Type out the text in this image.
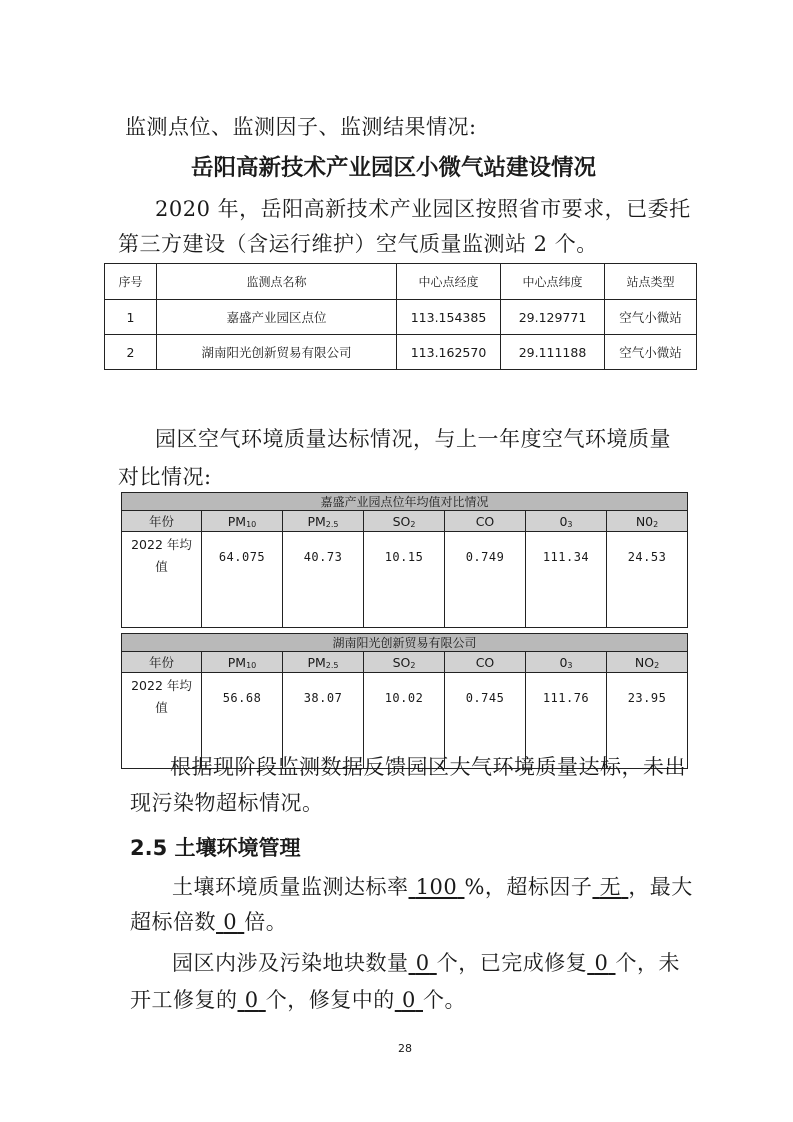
监测点位、监测因子、监测结果情况:
岳阳高新技术产业园区小微气站建设情况
2020 年，岳阳高新技术产业园区按照省市要求，已委托
第三方建设（含运行维护）空气质量监测站 2 个。
序号	监测点名称	中心点经度	中心点纬度	站点类型
1	嘉盛产业园区点位	113.154385	29.129771	空气小微站
2	湖南阳光创新贸易有限公司	113.162570	29.111188	空气小微站
园区空气环境质量达标情况，与上一年度空气环境质量
对比情况:
嘉盛产业园点位年均值对比情况						
年份	$PM_{10}$	$PM_{2.5}$	$SO_2$	CO	$0_3$	$N0_2$
2022 年均
值	64.075	40.73	10.15	0.749	111.34	24.53

湖南阳光创新贸易有限公司						
年份	$PM_{10}$	$PM_{2.5}$	$SO_2$	CO	$0_3$	$NO_2$
2022 年均
值	56.68	38.07	10.02	0.745	111.76	23.95
根据现阶段监测数据反馈园区大气环境质量达标，未出
现污染物超标情况。
2.5 土壤环境管理
土壤环境质量监测达标率 100 %，超标因子 无 ，最大
超标倍数 0 倍。
园区内涉及污染地块数量 0 个，已完成修复 0 个，未
开工修复的 0 个，修复中的 0 个。
28
